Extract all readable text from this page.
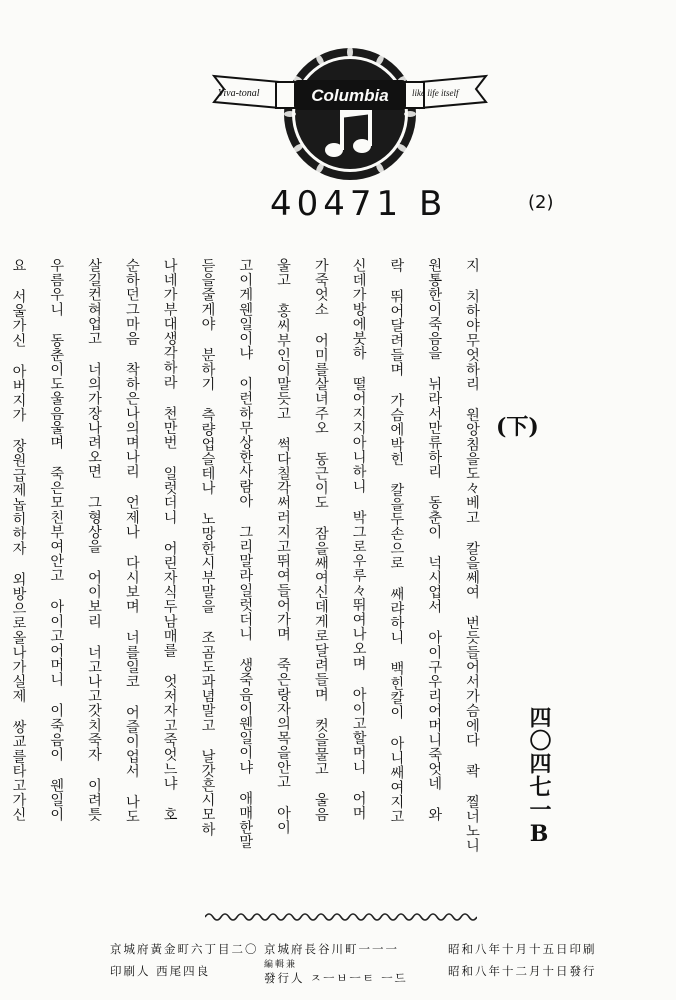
Columbia
Viva-tonal	like life itself
40471 B	(2)
(下)
四〇四七一B
지 치하야무엇하리 원앙침을도々베고 칼을쎄여 번듯들어서가슴에다 콱 찔너노니
원통한이죽음을 뉘라서만류하리 동춘이 넉시업서 아이구우리어머니죽엇네 와
락 뛰어달려들며 가슴에박힌 칼을두손으로 쌔랴하니 백힌칼이 아니쌔여지고
신데가방에붓하 떨어지지아니하니 박그로우루々뛰여나오며 아이고할머니 어머
가죽엇소 어미를살녀주오 동근이도 잠을쌔여신데게로달려들며 컷을물고 울음
울고 홍씨부인이말듯고 썩다칠각써러지고뛰여들어가며 죽은랑자의목을안고 아이
고이게웬일이냐 이런하무상한사람아 그리말라일럿더니 생죽음이웬일이냐 애매한말
듣을줄게야 분하기 측량업슬테나 노망한시부말을 조곰도과념말고 날갓흔시모하
나네가부대생각하라 천만번 일럿더니 어린자식두남매를 엇저자고죽엇느냐 호
순하던그마음 착하은나의며나리 언제나 다시보며 너를일코 어즐이업서 나도
살길컨혀업고 너의가장나려오면 그형상을 어이보리 너고나고갓치죽자 이려틋
우름우니 동춘이도울음울며 죽은모친부여안고 아이고어머니 이죽음이 웬일이
요 서울가신 아버지가 장원급제놉히하자 외방으로올나가실제 쌍교를타고가신
京城府黃金町六丁目二〇
印刷人 西尾四良
京城府長谷川町一一一
編輯兼
發行人 ㅈㅡㅂㅡㅌ ㅡ드
昭和八年十月十五日印刷
昭和八年十二月十日發行
